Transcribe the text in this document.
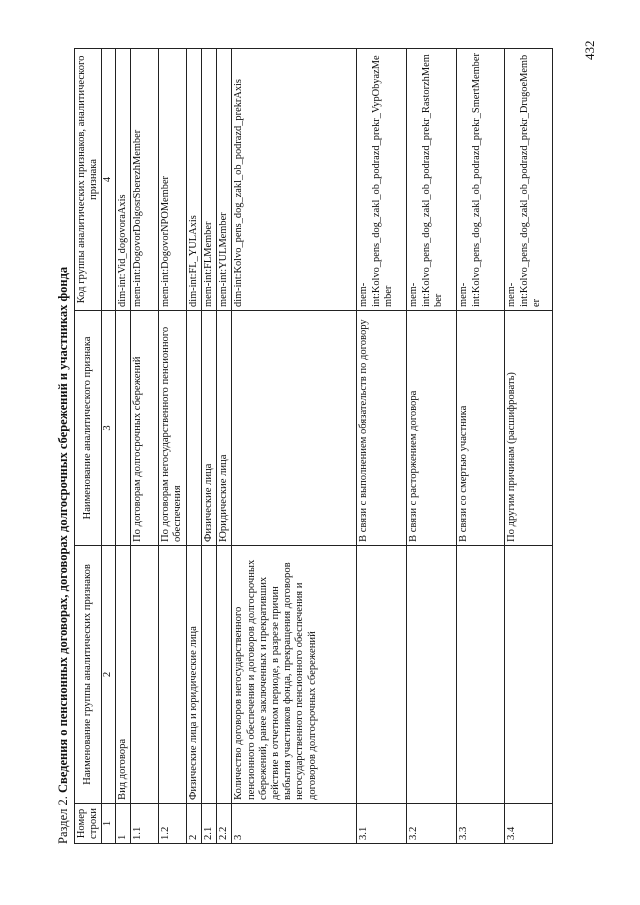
432
Раздел 2. Сведения о пенсионных договорах, договорах долгосрочных сбережений и участниках фонда
Номер строки	Наименование группы аналитических признаков	Наименование аналитического признака	Код группы аналитических признаков, аналитического признака
1	2	3	4
1	Вид договора		dim-int:Vid_dogovoraAxis
1.1		По договорам долгосрочных сбережений	mem-int:DogovorDolgosrSberezhMember
1.2		По договорам негосударственного пенсионного обеспечения	mem-int:DogovorNPOMember
2	Физические лица и юридические лица		dim-int:FL_YULAxis
2.1		Физические лица	mem-int:FLMember
2.2		Юридические лица	mem-int:YULMember
3	Количество договоров негосударственного пенсионного обеспечения и договоров долгосрочных сбережений, ранее заключенных и прекративших действие в отчетном периоде, в разрезе причин выбытия участников фонда, прекращения договоров негосударственного пенсионного обеспечения и договоров долгосрочных сбережений		dim-int:Kolvo_pens_dog_zakl_ob_podrazd_prekrAxis
3.1		В связи с выполнением обязательств по договору	mem-int:Kolvo_pens_dog_zakl_ob_podrazd_prekr_VypObyazMember
3.2		В связи с расторжением договора	mem-int:Kolvo_pens_dog_zakl_ob_podrazd_prekr_RastorzhMember
3.3		В связи со смертью участника	mem-int:Kolvo_pens_dog_zakl_ob_podrazd_prekr_SmertMember
3.4		По другим причинам (расшифровать)	mem-int:Kolvo_pens_dog_zakl_ob_podrazd_prekr_DrugoeMember
